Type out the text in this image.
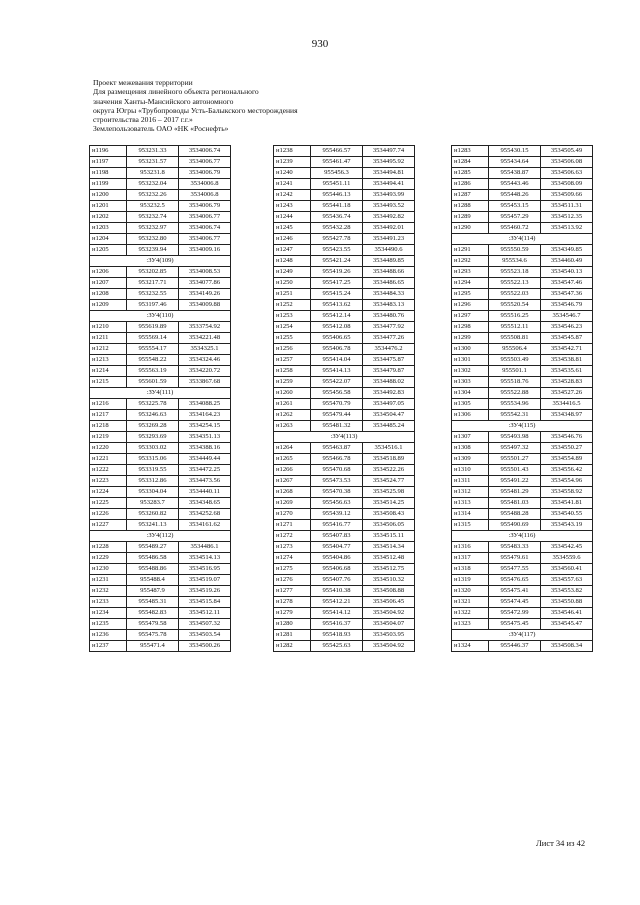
930
Проект межевания территории
Для размещения линейного объекта регионального
значения Ханты-Мансийского автономного
округа Югры «Трубопроводы Усть-Балыкского месторождения
строительства 2016 – 2017 г.г.»
Землепользователь ОАО «НК «Роснефть»
н1196	953231.33	3534006.74
н1197	953231.57	3534006.77
н1198	953231.8	3534006.79
н1199	953232.04	3534006.8
н1200	953232.26	3534006.8
н1201	953232.5	3534006.79
н1202	953232.74	3534006.77
н1203	953232.97	3534006.74
н1204	953232.80	3534006.77
н1205	953239.94	3534009.16
:ЗУ4(109)		
н1206	953202.85	3534008.53
н1207	953217.71	3534077.86
н1208	953232.55	3534149.26
н1209	953197.46	3534009.88
:ЗУ4(110)		
н1210	955619.89	3533754.92
н1211	955569.14	3534221.48
н1212	955554.17	3534325.1
н1213	955548.22	3534324.46
н1214	955563.19	3534220.72
н1215	955601.59	3533867.68
:ЗУ4(111)		
н1216	953225.78	3534088.25
н1217	953246.63	3534164.23
н1218	953269.28	3534254.15
н1219	953293.69	3534351.13
н1220	953303.02	3534388.16
н1221	953315.06	3534449.44
н1222	953319.55	3534472.25
н1223	953312.86	3534473.56
н1224	953304.04	3534440.11
н1225	953283.7	3534348.65
н1226	953260.82	3534252.68
н1227	953241.13	3534161.62
:ЗУ4(112)		
н1228	955489.27	3534486.1
н1229	955486.58	3534514.13
н1230	955488.86	3534516.95
н1231	955488.4	3534519.07
н1232	955487.9	3534519.26
н1233	955485.31	3534515.84
н1234	955482.83	3534512.11
н1235	955479.58	3534507.32
н1236	955475.78	3534503.54
н1237	955471.4	3534500.26
н1238	955466.57	3534497.74
н1239	955461.47	3534495.92
н1240	955456.3	3534494.81
н1241	955451.11	3534494.41
н1242	955446.13	3534493.99
н1243	955441.18	3534493.52
н1244	955436.74	3534492.82
н1245	955432.28	3534492.01
н1246	955427.78	3534491.23
н1247	955423.55	3534490.6
н1248	955421.24	3534489.85
н1249	955419.26	3534488.66
н1250	955417.25	3534486.65
н1251	955415.24	3534484.33
н1252	955413.62	3534483.13
н1253	955412.14	3534480.76
н1254	955412.08	3534477.92
н1255	955406.65	3534477.26
н1256	955406.78	3534476.2
н1257	955414.04	3534475.87
н1258	955414.13	3534479.87
н1259	955422.07	3534488.02
н1260	955456.58	3534492.83
н1261	955470.79	3534497.05
н1262	955479.44	3534504.47
н1263	955481.32	3534485.24
:ЗУ4(113)		
н1264	955463.87	3534516.1
н1265	955466.78	3534518.89
н1266	955470.68	3534522.26
н1267	955473.53	3534524.77
н1268	955470.38	3534525.98
н1269	955456.63	3534514.25
н1270	955439.12	3534508.43
н1271	955416.77	3534506.05
н1272	955407.83	3534515.11
н1273	955404.77	3534514.34
н1274	955404.86	3534512.48
н1275	955406.68	3534512.75
н1276	955407.76	3534510.32
н1277	955410.38	3534508.88
н1278	955412.21	3534506.45
н1279	955414.12	3534504.92
н1280	955416.37	3534504.07
н1281	955418.93	3534503.95
н1282	955425.63	3534504.92
н1283	955430.15	3534505.49
н1284	955434.64	3534506.08
н1285	955438.87	3534506.63
н1286	955443.46	3534508.09
н1287	955448.26	3534509.66
н1288	955453.15	3534511.31
н1289	955457.29	3534512.35
н1290	955460.72	3534513.92
:ЗУ4(114)		
н1291	955550.59	3534349.85
н1292	955534.6	3534460.49
н1293	955523.18	3534540.13
н1294	955522.13	3534547.46
н1295	955522.03	3534547.36
н1296	955520.54	3534546.79
н1297	955516.25	3534546.7
н1298	955512.11	3534546.23
н1299	955508.81	3534545.87
н1300	955506.4	3534542.71
н1301	955503.49	3534538.81
н1302	955501.1	3534535.61
н1303	955518.76	3534528.83
н1304	955522.88	3534527.26
н1305	955534.96	3534416.5
н1306	955542.31	3534348.97
:ЗУ4(115)		
н1307	955493.98	3534546.76
н1308	955497.32	3534550.27
н1309	955501.27	3534554.89
н1310	955501.43	3534556.42
н1311	955491.22	3534554.96
н1312	955481.29	3534558.92
н1313	955481.03	3534541.81
н1314	955488.28	3534540.55
н1315	955490.69	3534543.19
:ЗУ4(116)		
н1316	955483.33	3534542.45
н1317	955479.61	3534559.6
н1318	955477.55	3534560.41
н1319	955476.65	3534557.63
н1320	955475.41	3534553.82
н1321	955474.45	3534550.88
н1322	955472.99	3534546.41
н1323	955475.45	3534545.47
:ЗУ4(117)		
н1324	955446.37	3534508.34
Лист 34 из 42
